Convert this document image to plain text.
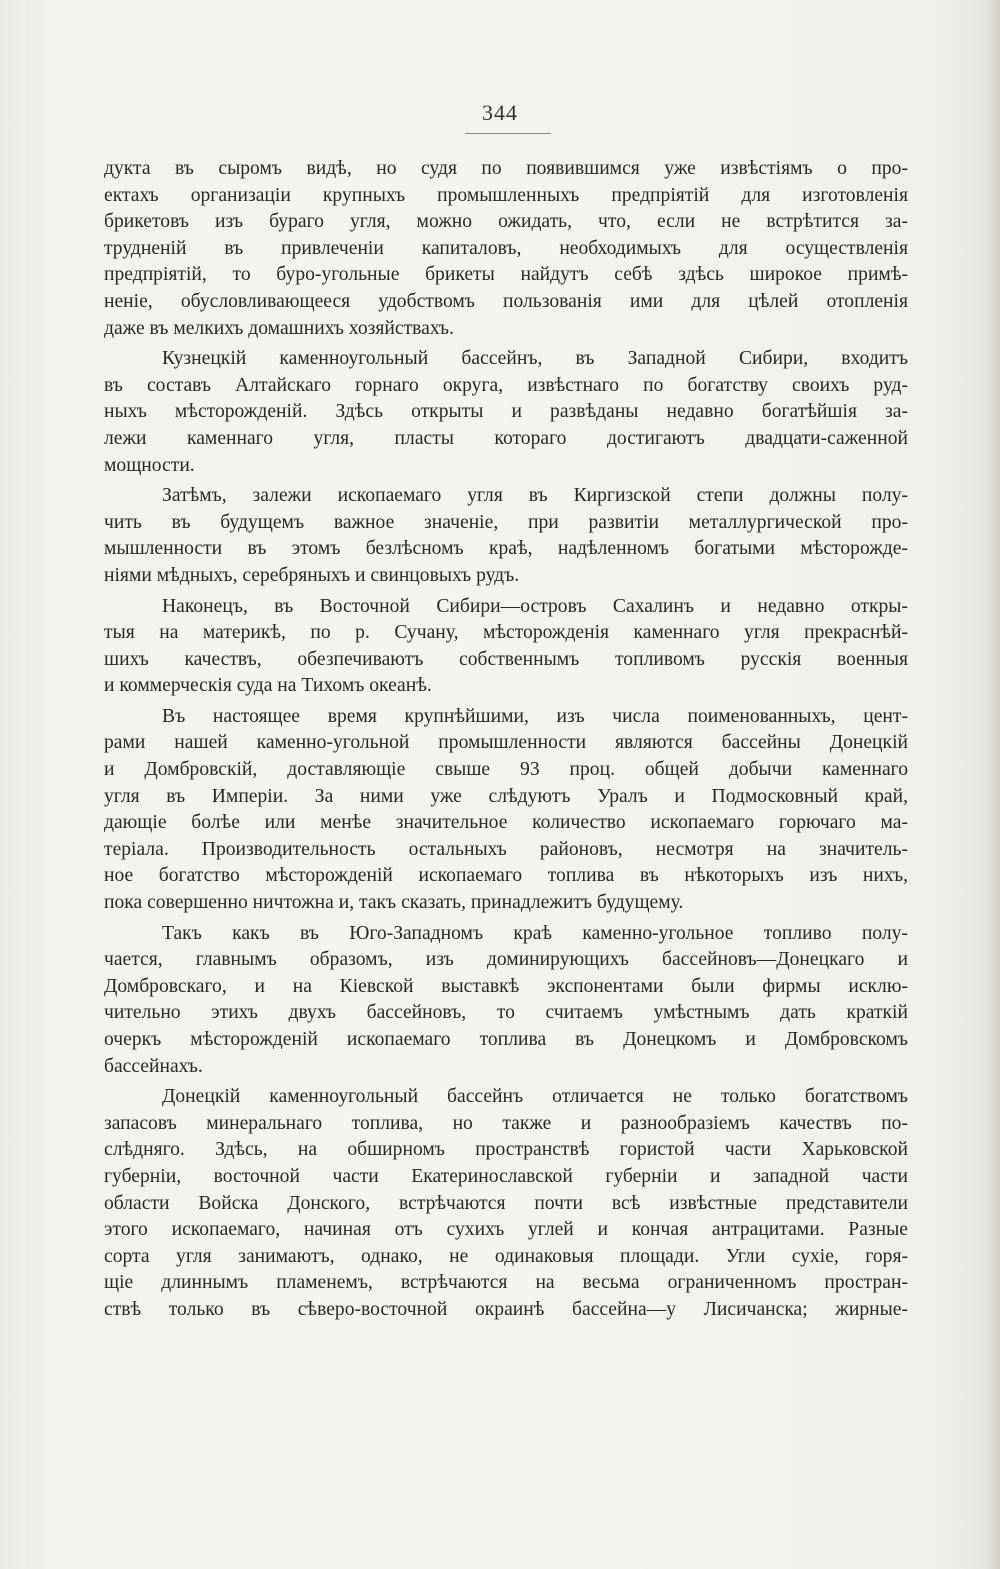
344
дукта въ сыромъ видѣ, но судя по появившимся уже извѣстіямъ о про-
ектахъ организаціи крупныхъ промышленныхъ предпріятій для изготовленія
брикетовъ изъ бураго угля, можно ожидать, что, если не встрѣтится за-
трудненій въ привлеченіи капиталовъ, необходимыхъ для осуществленія
предпріятій, то буро-угольные брикеты найдутъ себѣ здѣсь широкое примѣ-
неніе, обусловливающееся удобствомъ пользованія ими для цѣлей отопленія
даже въ мелкихъ домашнихъ хозяйствахъ.
Кузнецкій каменноугольный бассейнъ, въ Западной Сибири, входитъ
въ составъ Алтайскаго горнаго округа, извѣстнаго по богатству своихъ руд-
ныхъ мѣсторожденій. Здѣсь открыты и развѣданы недавно богатѣйшія за-
лежи каменнаго угля, пласты котораго достигаютъ двадцати-саженной
мощности.
Затѣмъ, залежи ископаемаго угля въ Киргизской степи должны полу-
чить въ будущемъ важное значеніе, при развитіи металлургической про-
мышленности въ этомъ безлѣсномъ краѣ, надѣленномъ богатыми мѣсторожде-
ніями мѣдныхъ, серебряныхъ и свинцовыхъ рудъ.
Наконецъ, въ Восточной Сибири—островъ Сахалинъ и недавно откры-
тыя на материкѣ, по р. Сучану, мѣсторожденія каменнаго угля прекраснѣй-
шихъ качествъ, обезпечиваютъ собственнымъ топливомъ русскія военныя
и коммерческія суда на Тихомъ океанѣ.
Въ настоящее время крупнѣйшими, изъ числа поименованныхъ, цент-
рами нашей каменно-угольной промышленности являются бассейны Донецкій
и Домбровскій, доставляющіе свыше 93 проц. общей добычи каменнаго
угля въ Имперіи. За ними уже слѣдуютъ Уралъ и Подмосковный край,
дающіе болѣе или менѣе значительное количество ископаемаго горючаго ма-
теріала. Производительность остальныхъ районовъ, несмотря на значитель-
ное богатство мѣсторожденій ископаемаго топлива въ нѣкоторыхъ изъ нихъ,
пока совершенно ничтожна и, такъ сказать, принадлежитъ будущему.
Такъ какъ въ Юго-Западномъ краѣ каменно-угольное топливо полу-
чается, главнымъ образомъ, изъ доминирующихъ бассейновъ—Донецкаго и
Домбровскаго, и на Кіевской выставкѣ экспонентами были фирмы исклю-
чительно этихъ двухъ бассейновъ, то считаемъ умѣстнымъ дать краткій
очеркъ мѣсторожденій ископаемаго топлива въ Донецкомъ и Домбровскомъ
бассейнахъ.
Донецкій каменноугольный бассейнъ отличается не только богатствомъ
запасовъ минеральнаго топлива, но также и разнообразіемъ качествъ по-
слѣдняго. Здѣсь, на обширномъ пространствѣ гористой части Харьковской
губерніи, восточной части Екатеринославской губерніи и западной части
области Войска Донского, встрѣчаются почти всѣ извѣстные представители
этого ископаемаго, начиная отъ сухихъ углей и кончая антрацитами. Разные
сорта угля занимаютъ, однако, не одинаковыя площади. Угли сухіе, горя-
щіе длиннымъ пламенемъ, встрѣчаются на весьма ограниченномъ простран-
ствѣ только въ сѣверо-восточной окраинѣ бассейна—у Лисичанска; жирные-
